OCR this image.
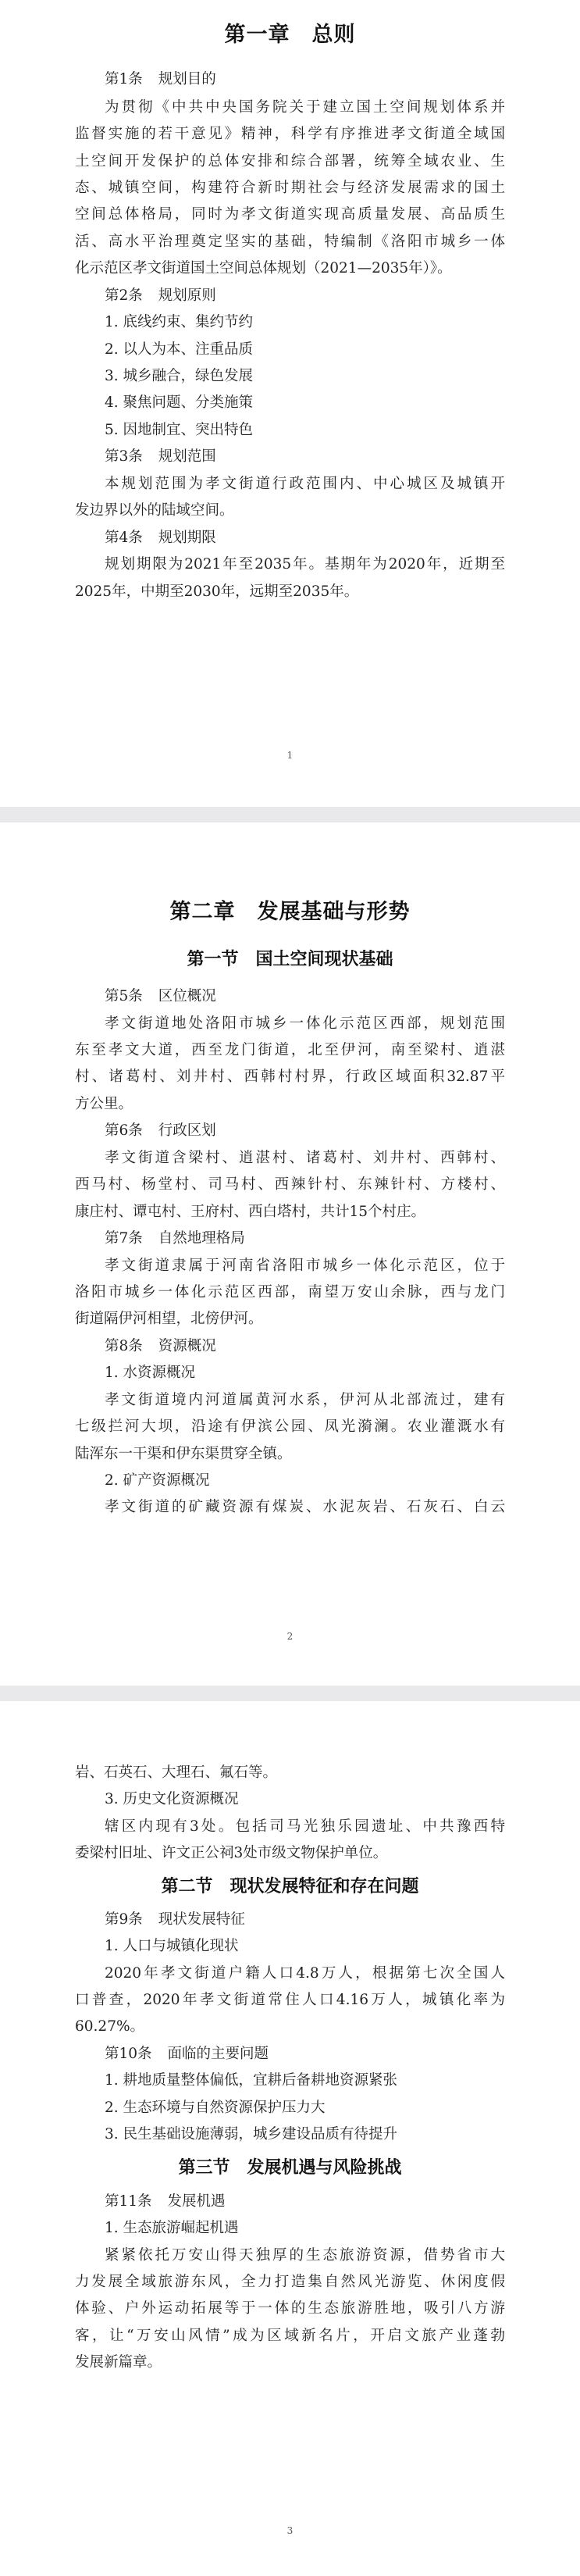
第一章　总则
第1条 规划目的
为贯彻《中共中央国务院关于建立国土空间规划体系并
监督实施的若干意见》精神，科学有序推进孝文街道全域国
土空间开发保护的总体安排和综合部署，统筹全域农业、生
态、城镇空间，构建符合新时期社会与经济发展需求的国土
空间总体格局，同时为孝文街道实现高质量发展、高品质生
活、高水平治理奠定坚实的基础，特编制《洛阳市城乡一体
化示范区孝文街道国土空间总体规划（2021—2035年）》。
第2条 规划原则
1. 底线约束、集约节约
2. 以人为本、注重品质
3. 城乡融合，绿色发展
4. 聚焦问题、分类施策
5. 因地制宜、突出特色
第3条 规划范围
本规划范围为孝文街道行政范围内、中心城区及城镇开
发边界以外的陆域空间。
第4条 规划期限
规划期限为2021年至2035年。基期年为2020年，近期至
2025年，中期至2030年，远期至2035年。
1
第二章　发展基础与形势
第一节　国土空间现状基础
第5条 区位概况
孝文街道地处洛阳市城乡一体化示范区西部，规划范围
东至孝文大道，西至龙门街道，北至伊河，南至梁村、逍湛
村、诸葛村、刘井村、西韩村村界，行政区域面积32.87平
方公里。
第6条 行政区划
孝文街道含梁村、逍湛村、诸葛村、刘井村、西韩村、
西马村、杨堂村、司马村、西辣针村、东辣针村、方楼村、
康庄村、谭屯村、王府村、西白塔村，共计15个村庄。
第7条 自然地理格局
孝文街道隶属于河南省洛阳市城乡一体化示范区，位于
洛阳市城乡一体化示范区西部，南望万安山余脉，西与龙门
街道隔伊河相望，北傍伊河。
第8条 资源概况
1. 水资源概况
孝文街道境内河道属黄河水系，伊河从北部流过，建有
七级拦河大坝，沿途有伊滨公园、凤光漪澜。农业灌溉水有
陆浑东一干渠和伊东渠贯穿全镇。
2. 矿产资源概况
孝文街道的矿藏资源有煤炭、水泥灰岩、石灰石、白云
2
岩、石英石、大理石、氟石等。
3. 历史文化资源概况
辖区内现有3处。包括司马光独乐园遗址、中共豫西特
委梁村旧址、许文正公祠3处市级文物保护单位。
第二节　现状发展特征和存在问题
第9条 现状发展特征
1. 人口与城镇化现状
2020年孝文街道户籍人口4.8万人，根据第七次全国人
口普查，2020年孝文街道常住人口4.16万人，城镇化率为
60.27%。
第10条 面临的主要问题
1. 耕地质量整体偏低，宜耕后备耕地资源紧张
2. 生态环境与自然资源保护压力大
3. 民生基础设施薄弱，城乡建设品质有待提升
第三节　发展机遇与风险挑战
第11条 发展机遇
1. 生态旅游崛起机遇
紧紧依托万安山得天独厚的生态旅游资源，借势省市大
力发展全域旅游东风，全力打造集自然风光游览、休闲度假
体验、户外运动拓展等于一体的生态旅游胜地，吸引八方游
客，让“万安山风情”成为区域新名片，开启文旅产业蓬勃
发展新篇章。
3
